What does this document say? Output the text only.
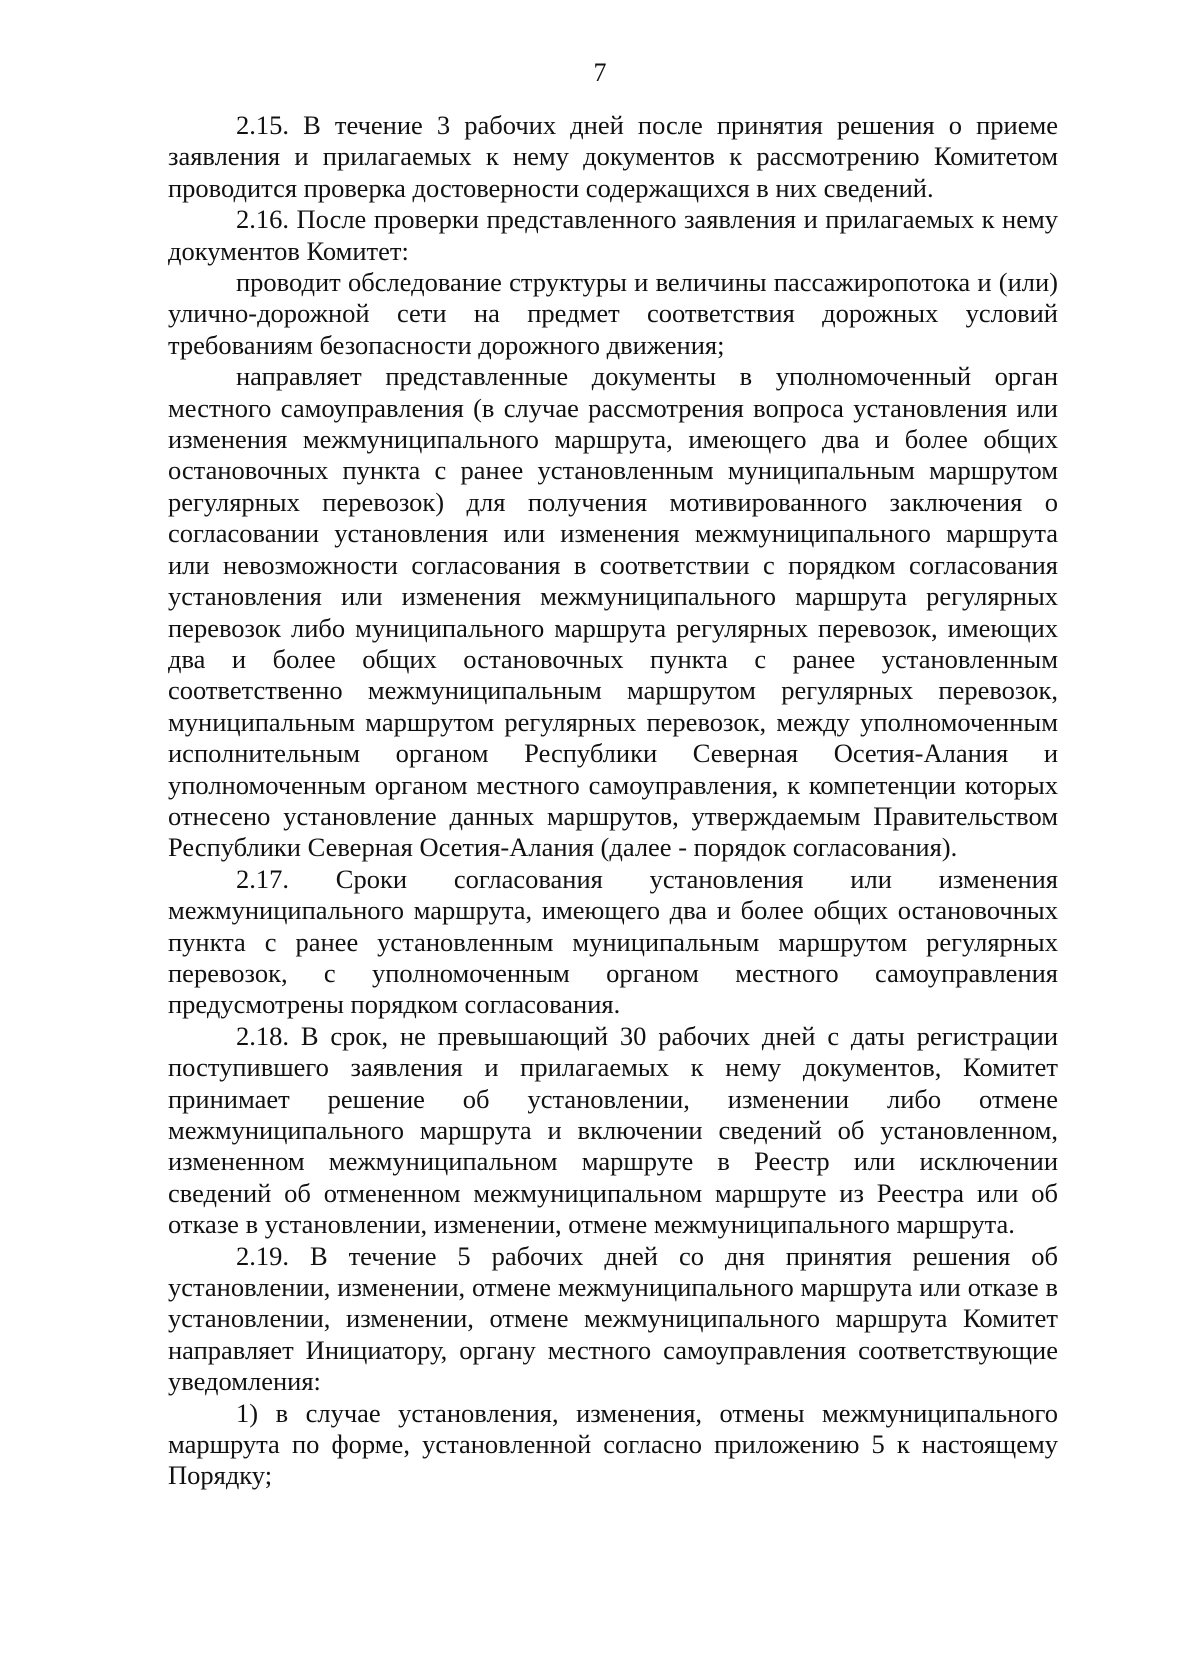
7

2.15. В течение 3 рабочих дней после принятия решения о приеме заявления и прилагаемых к нему документов к рассмотрению Комитетом проводится проверка достоверности содержащихся в них сведений.

2.16. После проверки представленного заявления и прилагаемых к нему документов Комитет:

проводит обследование структуры и величины пассажиропотока и (или) улично-дорожной сети на предмет соответствия дорожных условий требованиям безопасности дорожного движения;

направляет представленные документы в уполномоченный орган местного самоуправления (в случае рассмотрения вопроса установления или изменения межмуниципального маршрута, имеющего два и более общих остановочных пункта с ранее установленным муниципальным маршрутом регулярных перевозок) для получения мотивированного заключения о согласовании установления или изменения межмуниципального маршрута или невозможности согласования в соответствии с порядком согласования установления или изменения межмуниципального маршрута регулярных перевозок либо муниципального маршрута регулярных перевозок, имеющих два и более общих остановочных пункта с ранее установленным соответственно межмуниципальным маршрутом регулярных перевозок, муниципальным маршрутом регулярных перевозок, между уполномоченным исполнительным органом Республики Северная Осетия-Алания и уполномоченным органом местного самоуправления, к компетенции которых отнесено установление данных маршрутов, утверждаемым Правительством Республики Северная Осетия-Алания (далее - порядок согласования).

2.17. Сроки согласования установления или изменения межмуниципального маршрута, имеющего два и более общих остановочных пункта с ранее установленным муниципальным маршрутом регулярных перевозок, с уполномоченным органом местного самоуправления предусмотрены порядком согласования.

2.18. В срок, не превышающий 30 рабочих дней с даты регистрации поступившего заявления и прилагаемых к нему документов, Комитет принимает решение об установлении, изменении либо отмене межмуниципального маршрута и включении сведений об установленном, измененном межмуниципальном маршруте в Реестр или исключении сведений об отмененном межмуниципальном маршруте из Реестра или об отказе в установлении, изменении, отмене межмуниципального маршрута.

2.19. В течение 5 рабочих дней со дня принятия решения об установлении, изменении, отмене межмуниципального маршрута или отказе в установлении, изменении, отмене межмуниципального маршрута Комитет направляет Инициатору, органу местного самоуправления соответствующие уведомления:

1) в случае установления, изменения, отмены межмуниципального маршрута по форме, установленной согласно приложению 5 к настоящему Порядку;
